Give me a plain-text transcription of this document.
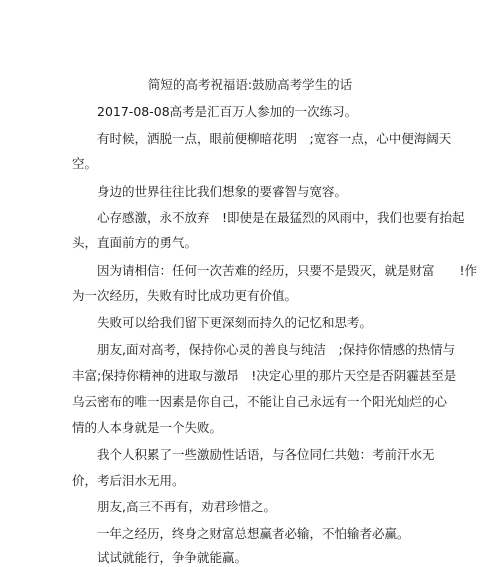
简短的高考祝福语:鼓励高考学生的话
2017-08-08高考是汇百万人参加的一次练习。
有时候，洒脱一点，眼前便柳暗花明　;宽容一点，心中便海阔天
空。
身边的世界往往比我们想象的要睿智与宽容。
心存感激，永不放弃　!即使是在最猛烈的风雨中，我们也要有抬起
头，直面前方的勇气。
因为请相信：任何一次苦难的经历，只要不是毁灭，就是财富　　!作
为一次经历，失败有时比成功更有价值。
失败可以给我们留下更深刻而持久的记忆和思考。
朋友,面对高考，保持你心灵的善良与纯洁　;保持你情感的热情与
丰富;保持你精神的进取与激昂　!决定心里的那片天空是否阴霾甚至是
乌云密布的唯一因素是你自己，不能让自己永远有一个阳光灿烂的心
情的人本身就是一个失败。
我个人积累了一些激励性话语，与各位同仁共勉：考前汗水无
价，考后泪水无用。
朋友,高三不再有，劝君珍惜之。
一年之经历，终身之财富总想赢者必输，不怕输者必赢。
试试就能行，争争就能赢。
